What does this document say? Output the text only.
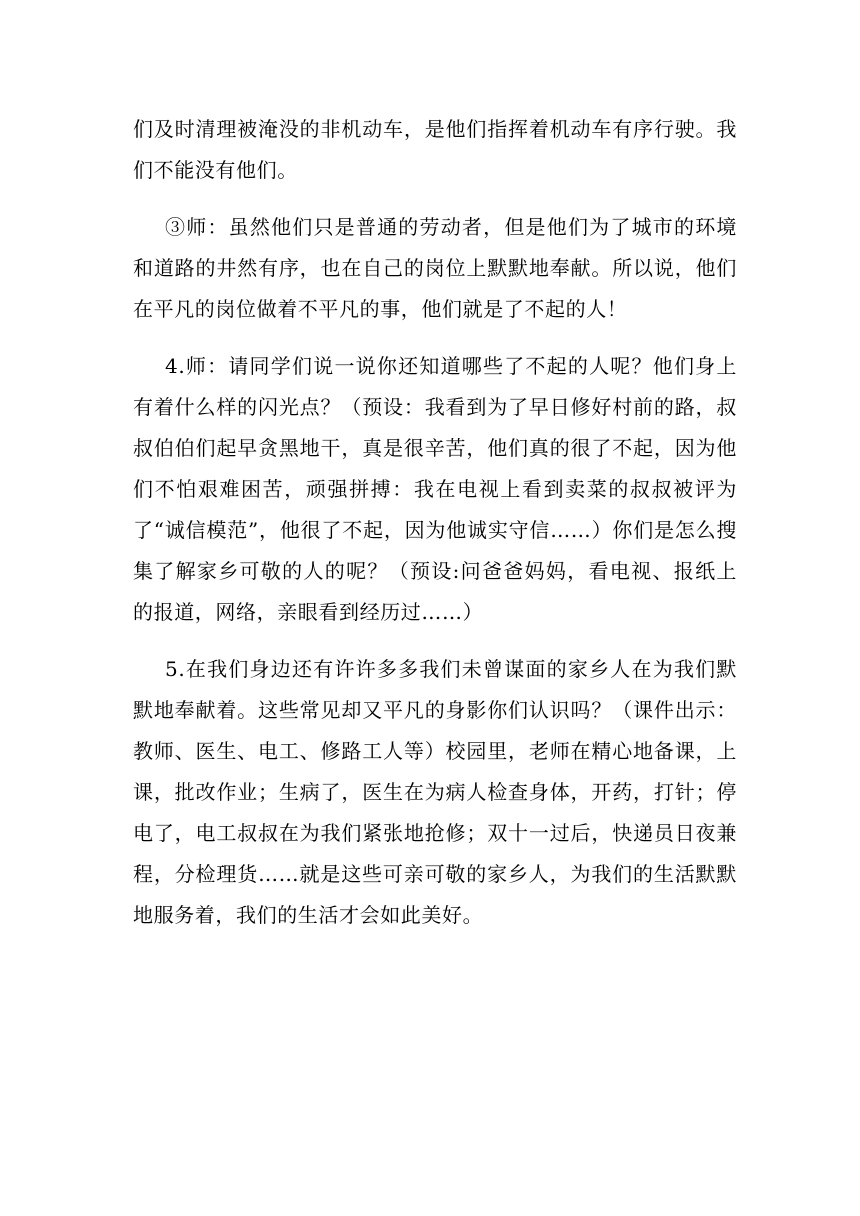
们及时清理被淹没的非机动车，是他们指挥着机动车有序行驶。我们不能没有他们。

③师：虽然他们只是普通的劳动者，但是他们为了城市的环境和道路的井然有序，也在自己的岗位上默默地奉献。所以说，他们在平凡的岗位做着不平凡的事，他们就是了不起的人！

4.师：请同学们说一说你还知道哪些了不起的人呢？他们身上有着什么样的闪光点？（预设：我看到为了早日修好村前的路，叔叔伯伯们起早贪黑地干，真是很辛苦，他们真的很了不起，因为他们不怕艰难困苦，顽强拼搏：我在电视上看到卖菜的叔叔被评为了“诚信模范”，他很了不起，因为他诚实守信……）你们是怎么搜集了解家乡可敬的人的呢？（预设:问爸爸妈妈，看电视、报纸上的报道，网络，亲眼看到经历过……）

5.在我们身边还有许许多多我们未曾谋面的家乡人在为我们默默地奉献着。这些常见却又平凡的身影你们认识吗？（课件出示：教师、医生、电工、修路工人等）校园里，老师在精心地备课，上课，批改作业；生病了，医生在为病人检查身体，开药，打针；停电了，电工叔叔在为我们紧张地抢修；双十一过后，快递员日夜兼程，分检理货……就是这些可亲可敬的家乡人，为我们的生活默默地服务着，我们的生活才会如此美好。
